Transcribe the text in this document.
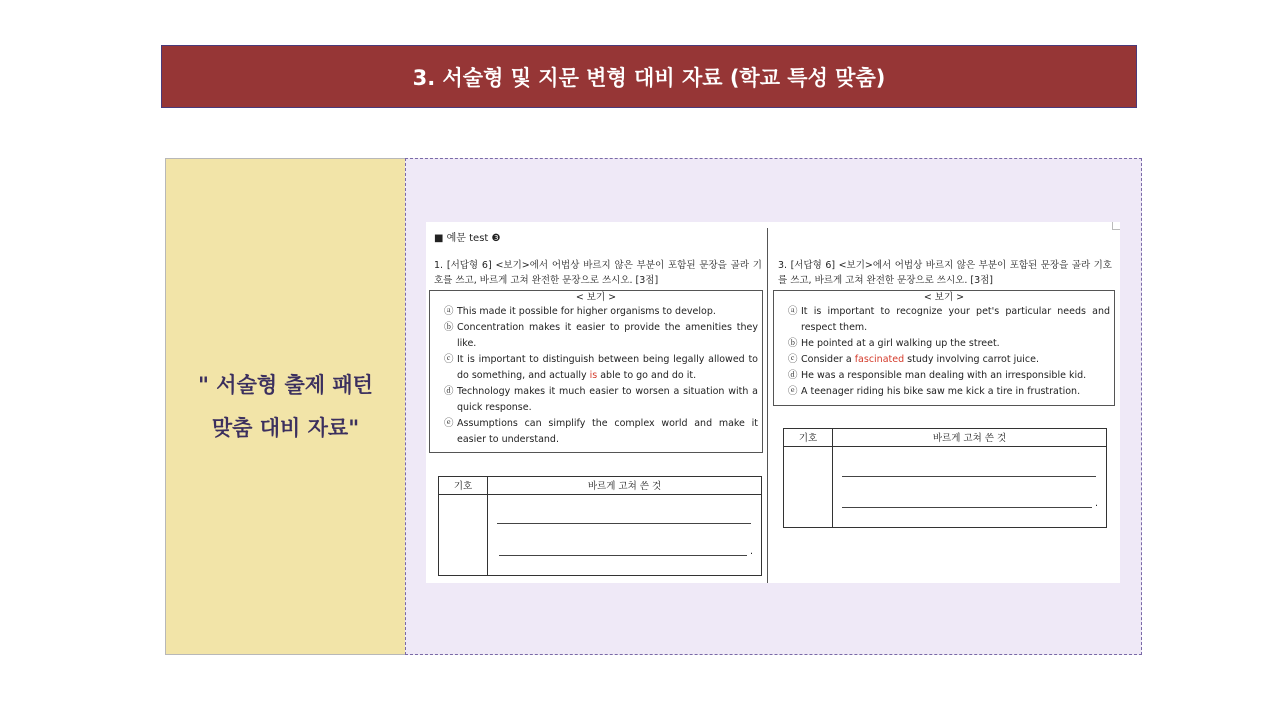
3. 서술형 및 지문 변형 대비 자료 (학교 특성 맞춤)
" 서술형 출제 패턴
맞춤 대비 자료"
■ 예문 test ❸
1. [서답형 6] <보기>에서 어법상 바르지 않은 부분이 포함된 문장을 골라 기호를 쓰고, 바르게 고쳐 완전한 문장으로 쓰시오. [3점]
< 보기 >
ⓐ This made it possible for higher organisms to develop.
ⓑ Concentration makes it easier to provide the amenities they like.
ⓒ It is important to distinguish between being legally allowed to do something, and actually is able to go and do it.
ⓓ Technology makes it much easier to worsen a situation with a quick response.
ⓔ Assumptions can simplify the complex world and make it easier to understand.
기호	바르게 고쳐 쓴 것
.
3. [서답형 6] <보기>에서 어법상 바르지 않은 부분이 포함된 문장을 골라 기호를 쓰고, 바르게 고쳐 완전한 문장으로 쓰시오. [3점]
< 보기 >
ⓐ It is important to recognize your pet's particular needs and respect them.
ⓑ He pointed at a girl walking up the street.
ⓒ Consider a fascinated study involving carrot juice.
ⓓ He was a responsible man dealing with an irresponsible kid.
ⓔ A teenager riding his bike saw me kick a tire in frustration.
기호	바르게 고쳐 쓴 것
.
